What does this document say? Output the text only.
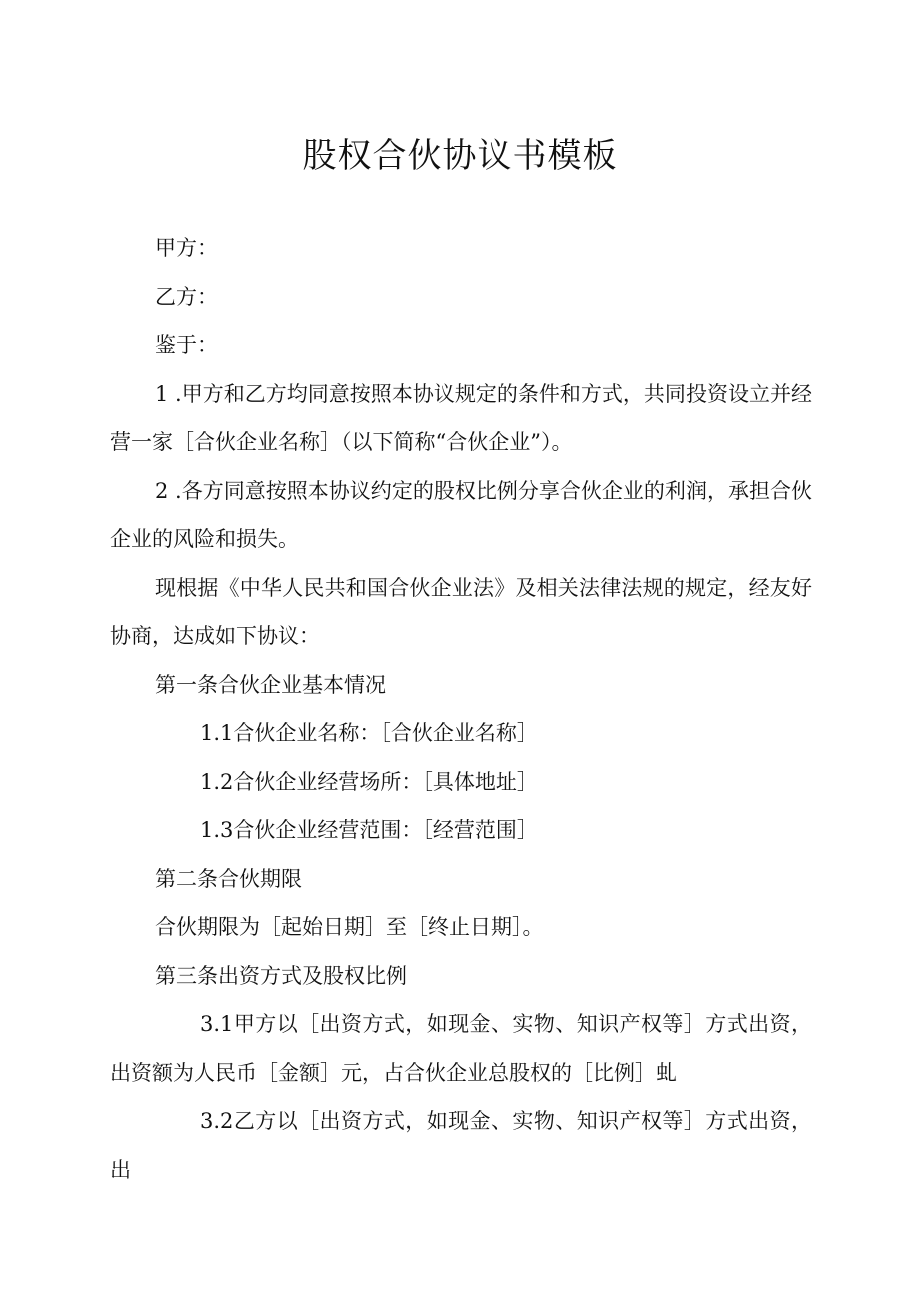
股权合伙协议书模板

甲方：

乙方：

鉴于：

1 .甲方和乙方均同意按照本协议规定的条件和方式，共同投资设立并经营一家［合伙企业名称］（以下简称“合伙企业”）。

2 .各方同意按照本协议约定的股权比例分享合伙企业的利润，承担合伙企业的风险和损失。

现根据《中华人民共和国合伙企业法》及相关法律法规的规定，经友好协商，达成如下协议：

第一条合伙企业基本情况

1.1合伙企业名称：［合伙企业名称］

1.2合伙企业经营场所：［具体地址］

1.3合伙企业经营范围：［经营范围］

第二条合伙期限

合伙期限为［起始日期］至［终止日期］。

第三条出资方式及股权比例

3.1甲方以［出资方式，如现金、实物、知识产权等］方式出资，出资额为人民币［金额］元，占合伙企业总股权的［比例］虬

3.2乙方以［出资方式，如现金、实物、知识产权等］方式出资，出
